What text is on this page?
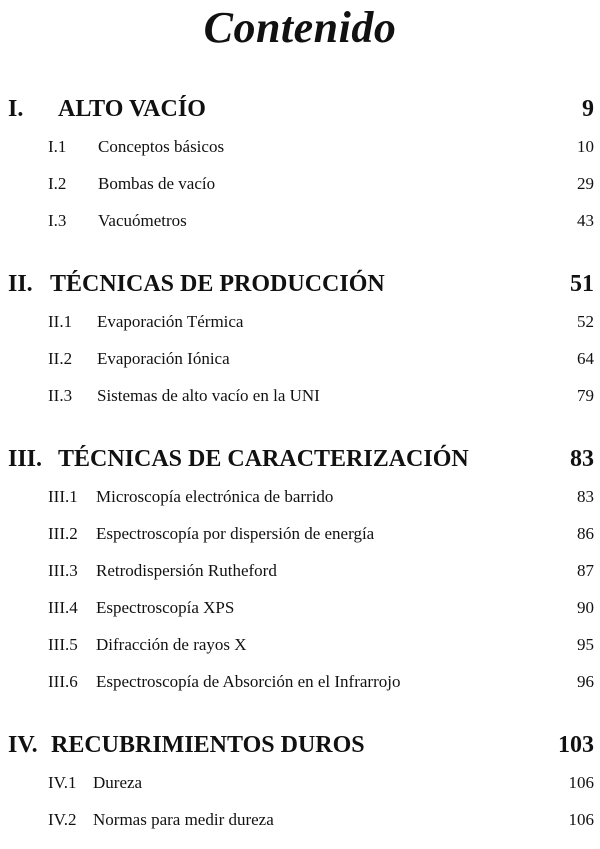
Contenido
I.	ALTO VACÍO	9
I.1	Conceptos básicos	10
I.2	Bombas de vacío	29
I.3	Vacuómetros	43
II. TÉCNICAS DE PRODUCCIÓN	51
II.1	Evaporación Térmica	52
II.2	Evaporación Iónica	64
II.3	Sistemas de alto vacío en la UNI	79
III. TÉCNICAS DE CARACTERIZACIÓN	83
III.1	Microscopía electrónica de barrido	83
III.2	Espectroscopía por dispersión de energía	86
III.3	Retrodispersión Rutheford	87
III.4	Espectroscopía XPS	90
III.5	Difracción de rayos X	95
III.6	Espectroscopía de Absorción en el Infrarrojo	96
IV. RECUBRIMIENTOS DUROS	103
IV.1 Dureza	106
IV.2 Normas para medir dureza	106
